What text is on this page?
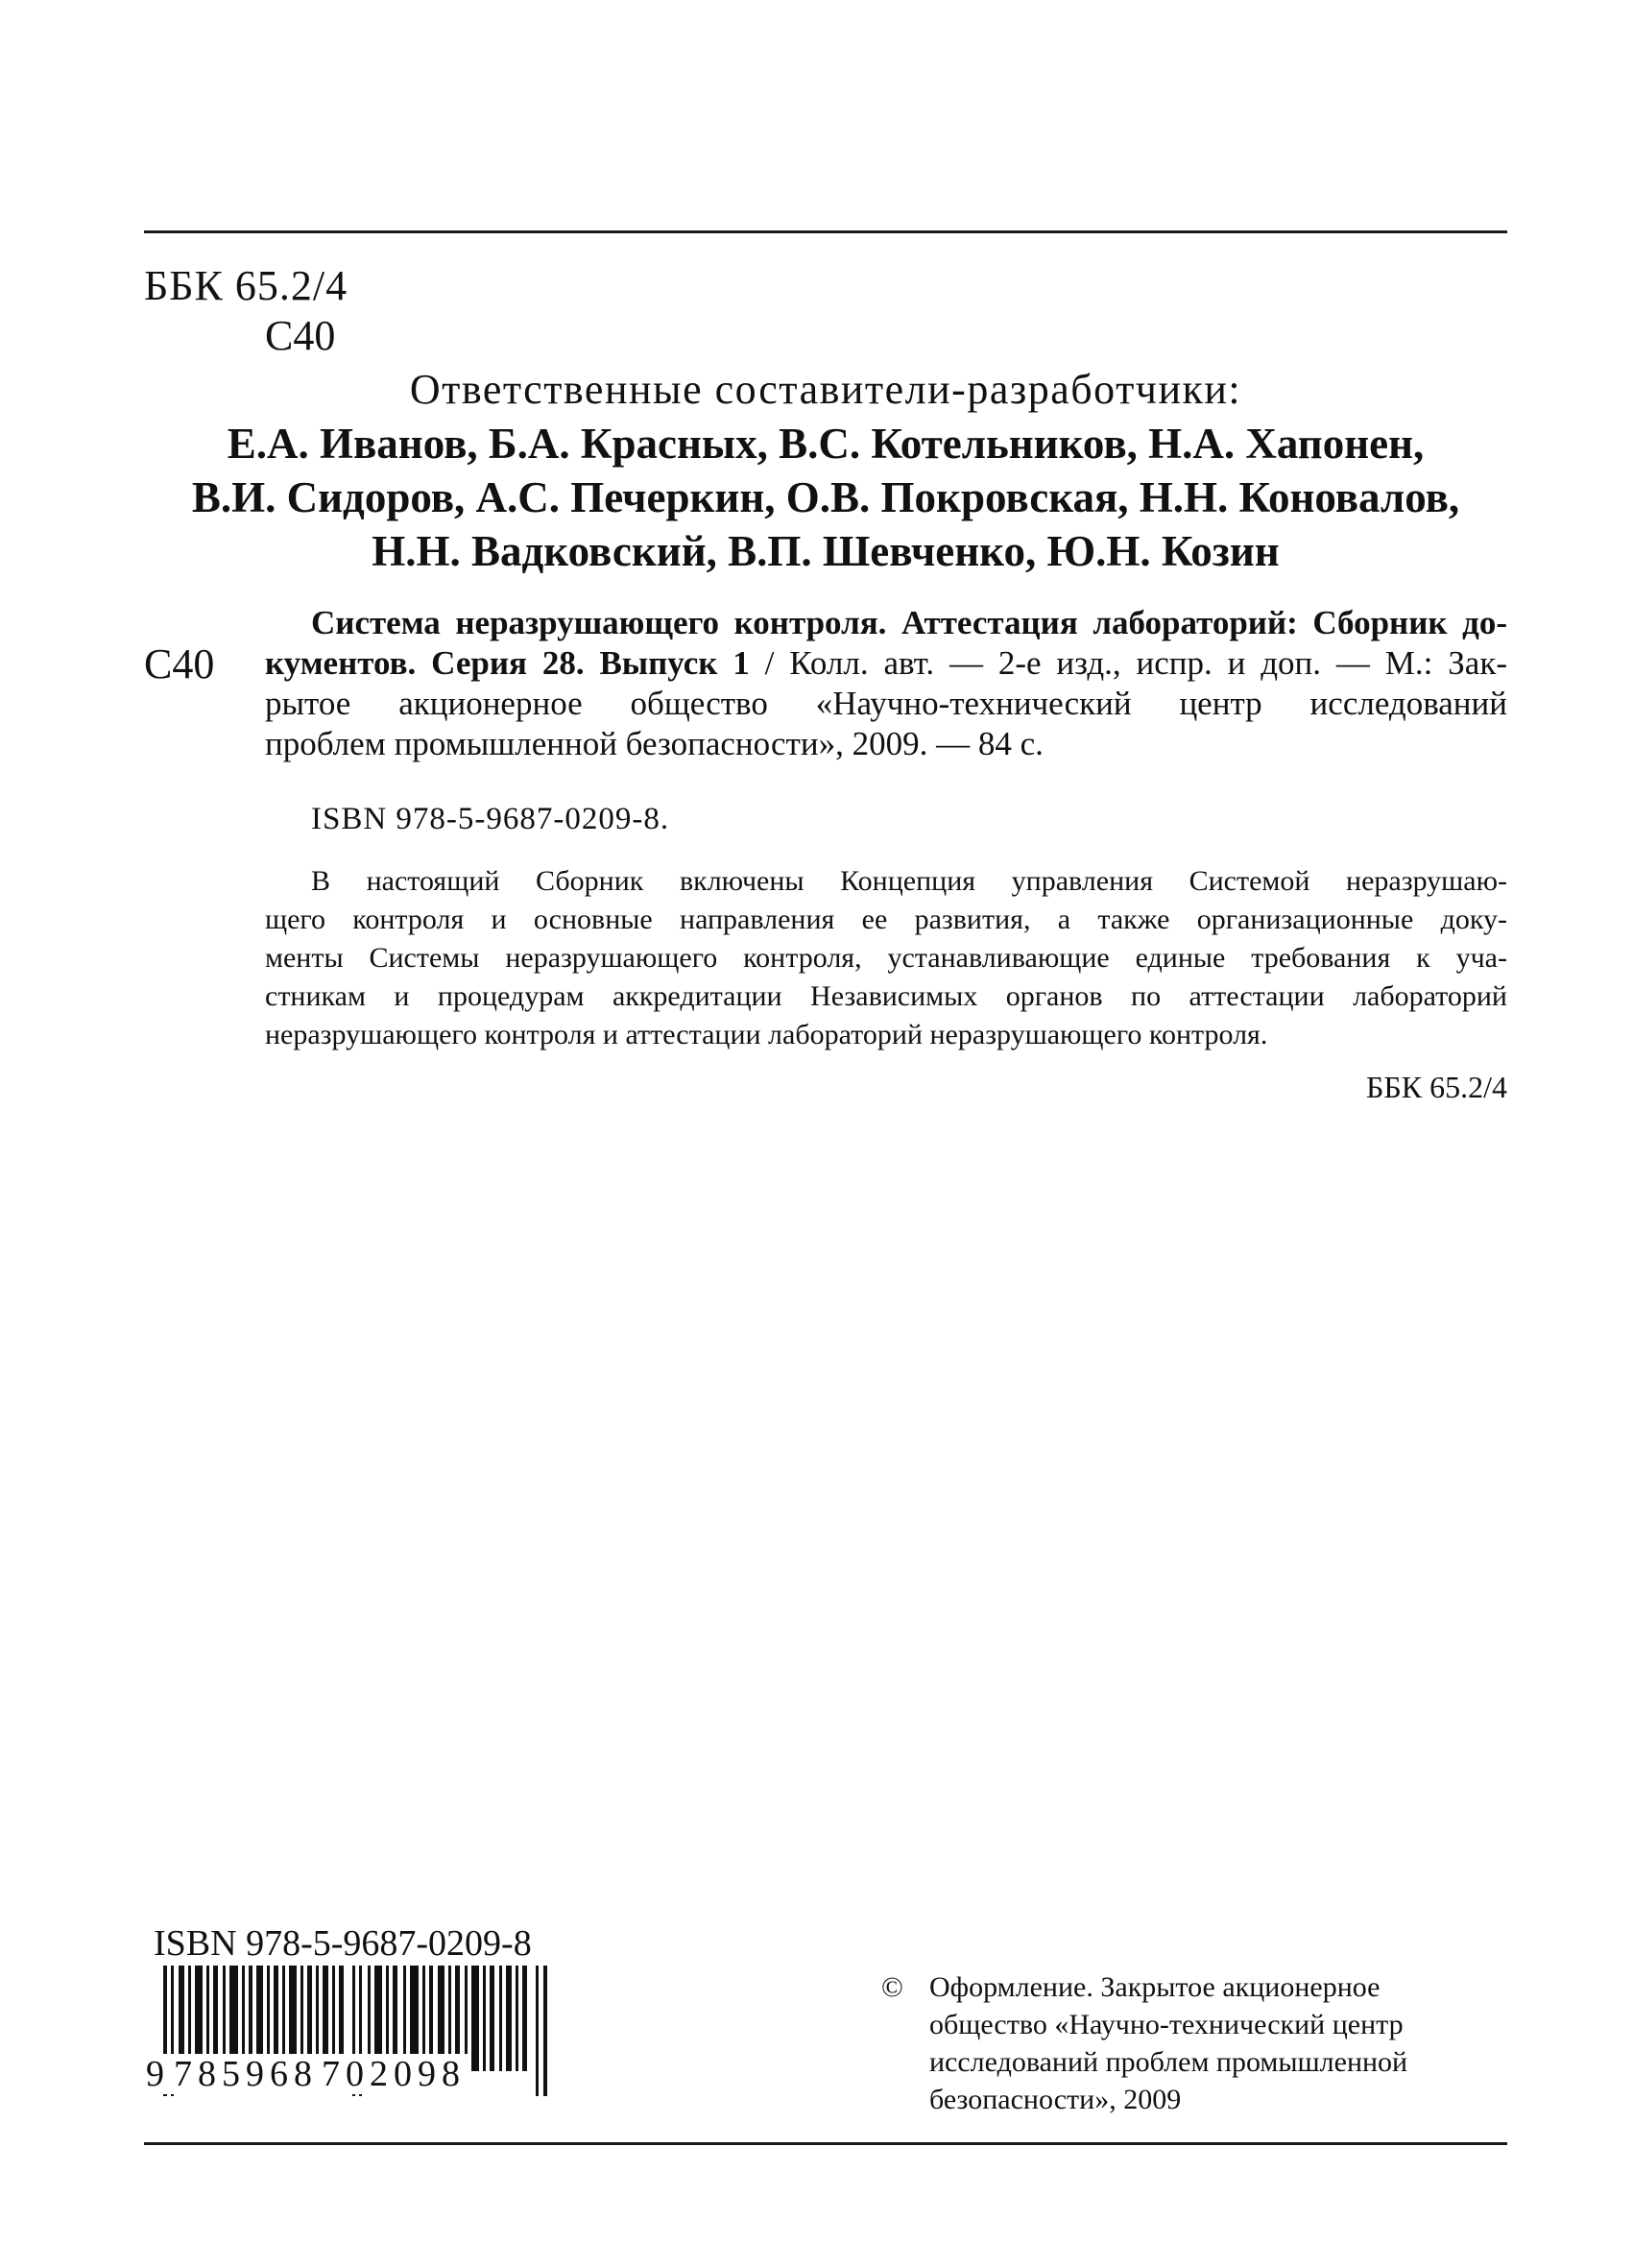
ББК 65.2/4
С40
Ответственные составители-разработчики:
Е.А. Иванов, Б.А. Красных, В.С. Котельников, Н.А. Хапонен,
В.И. Сидоров, А.С. Печеркин, О.В. Покровская, Н.Н. Коновалов,
Н.Н. Вадковский, В.П. Шевченко, Ю.Н. Козин
С40
Система неразрушающего контроля. Аттестация лабораторий: Сборник до-
кументов. Серия 28. Выпуск 1 / Колл. авт. — 2-е изд., испр. и доп. — М.: Зак-
рытое акционерное общество «Научно-технический центр исследований
проблем промышленной безопасности», 2009. — 84 с.
ISBN 978-5-9687-0209-8.
В настоящий Сборник включены Концепция управления Системой неразрушаю-
щего контроля и основные направления ее развития, а также организационные доку-
менты Системы неразрушающего контроля, устанавливающие единые требования к уча-
стникам и процедурам аккредитации Независимых органов по аттестации лабораторий
неразрушающего контроля и аттестации лабораторий неразрушающего контроля.
ББК 65.2/4
ISBN 978-5-9687-0209-8
9 785968 702098
© Оформление. Закрытое акционерное
общество «Научно-технический центр
исследований проблем промышленной
безопасности», 2009
